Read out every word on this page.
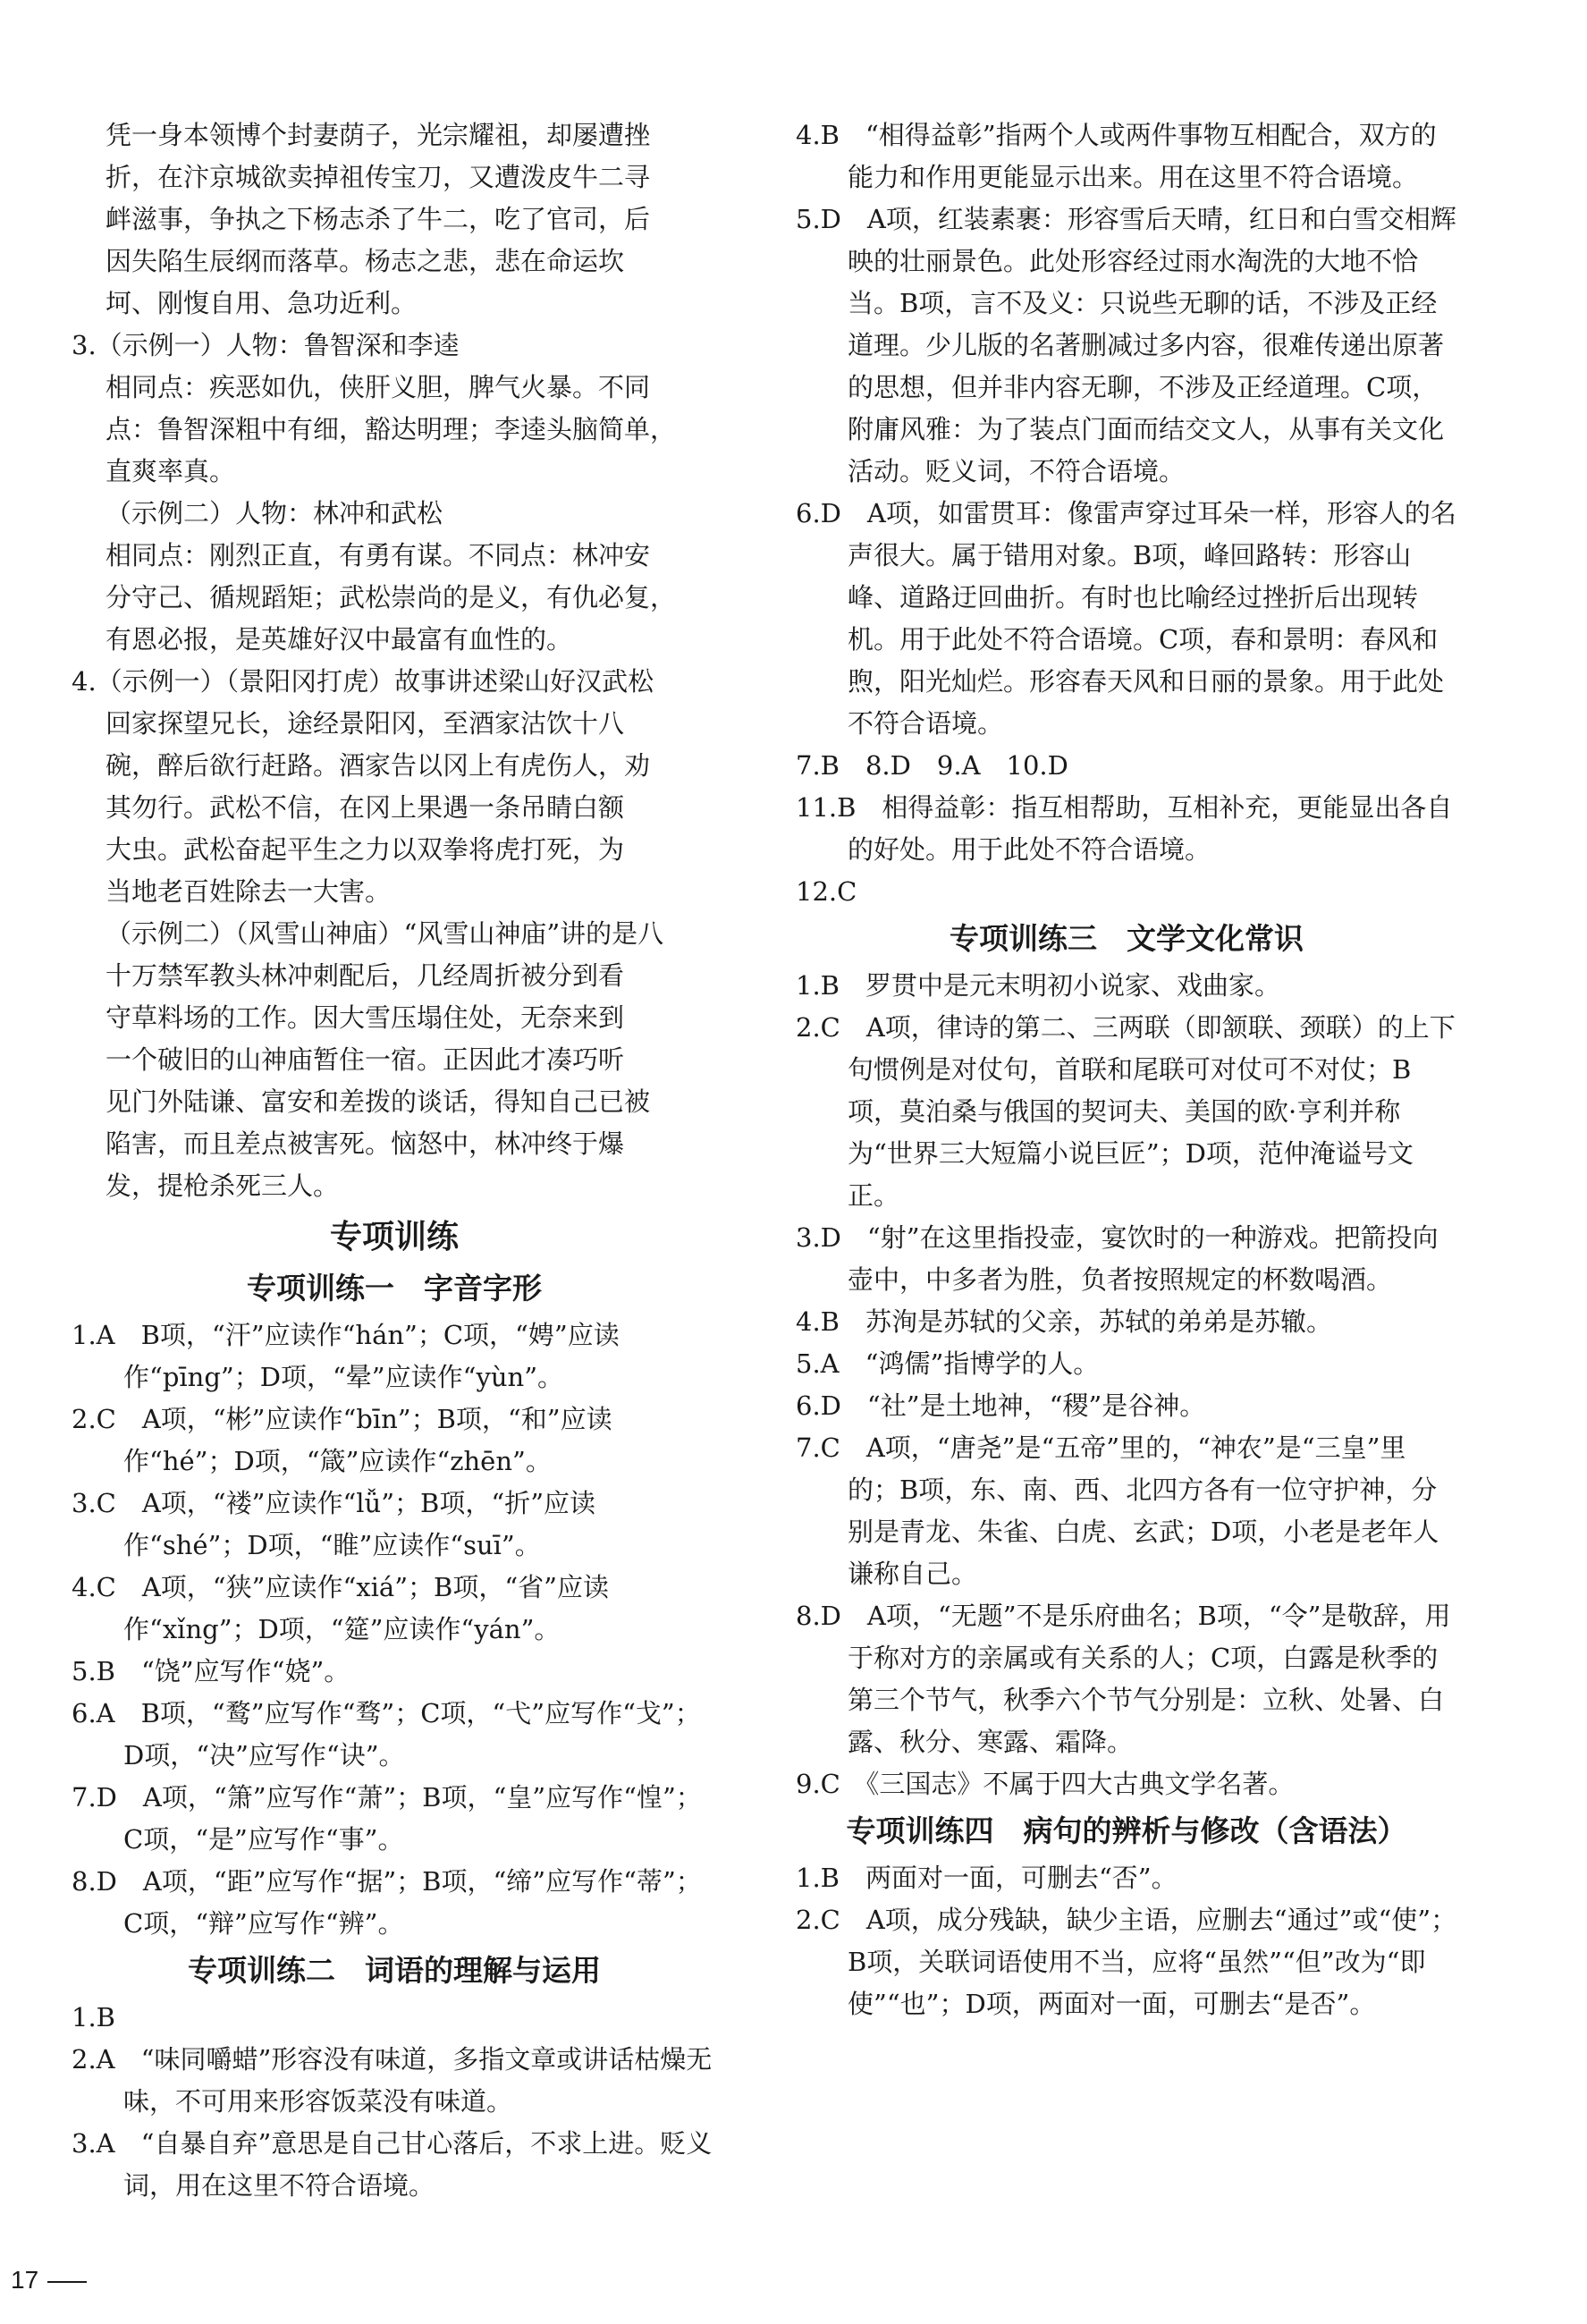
凭一身本领博个封妻荫子，光宗耀祖，却屡遭挫

折，在汴京城欲卖掉祖传宝刀，又遭泼皮牛二寻

衅滋事，争执之下杨志杀了牛二，吃了官司，后

因失陷生辰纲而落草。杨志之悲，悲在命运坎

坷、刚愎自用、急功近利。

3.（示例一）人物：鲁智深和李逵

相同点：疾恶如仇，侠肝义胆，脾气火暴。不同

点：鲁智深粗中有细，豁达明理；李逵头脑简单，

直爽率真。

（示例二）人物：林冲和武松

相同点：刚烈正直，有勇有谋。不同点：林冲安

分守己、循规蹈矩；武松崇尚的是义，有仇必复，

有恩必报，是英雄好汉中最富有血性的。

4.（示例一）（景阳冈打虎）故事讲述梁山好汉武松

回家探望兄长，途经景阳冈，至酒家沽饮十八

碗，醉后欲行赶路。酒家告以冈上有虎伤人，劝

其勿行。武松不信，在冈上果遇一条吊睛白额

大虫。武松奋起平生之力以双拳将虎打死，为

当地老百姓除去一大害。

（示例二）（风雪山神庙）“风雪山神庙”讲的是八

十万禁军教头林冲刺配后，几经周折被分到看

守草料场的工作。因大雪压塌住处，无奈来到

一个破旧的山神庙暂住一宿。正因此才凑巧听

见门外陆谦、富安和差拨的谈话，得知自己已被

陷害，而且差点被害死。恼怒中，林冲终于爆

发，提枪杀死三人。

专项训练
专项训练一　字音字形

1.A　B项，“汗”应读作“hán”；C项，“娉”应读作“pīng”；D项，“晕”应读作“yùn”。

2.C　A项，“彬”应读作“bīn”；B项，“和”应读作“hé”；D项，“箴”应读作“zhēn”。

3.C　A项，“褛”应读作“lǚ”；B项，“折”应读作“shé”；D项，“睢”应读作“suī”。

4.C　A项，“狭”应读作“xiá”；B项，“省”应读作“xǐng”；D项，“筵”应读作“yán”。

5.B　“饶”应写作“娆”。

6.A　B项，“鹜”应写作“骛”；C项，“弋”应写作“戈”；D项，“决”应写作“诀”。

7.D　A项，“箫”应写作“萧”；B项，“皇”应写作“惶”；C项，“是”应写作“事”。

8.D　A项，“距”应写作“据”；B项，“缔”应写作“蒂”；C项，“辩”应写作“辨”。

专项训练二　词语的理解与运用

1.B

2.A　“味同嚼蜡”形容没有味道，多指文章或讲话枯燥无味，不可用来形容饭菜没有味道。

3.A　“自暴自弃”意思是自己甘心落后，不求上进。贬义词，用在这里不符合语境。

4.B　“相得益彰”指两个人或两件事物互相配合，双方的能力和作用更能显示出来。用在这里不符合语境。

5.D　A项，红装素裹：形容雪后天晴，红日和白雪交相辉映的壮丽景色。此处形容经过雨水淘洗的大地不恰当。B项，言不及义：只说些无聊的话，不涉及正经道理。少儿版的名著删减过多内容，很难传递出原著的思想，但并非内容无聊，不涉及正经道理。C项，附庸风雅：为了装点门面而结交文人，从事有关文化活动。贬义词，不符合语境。

6.D　A项，如雷贯耳：像雷声穿过耳朵一样，形容人的名声很大。属于错用对象。B项，峰回路转：形容山峰、道路迂回曲折。有时也比喻经过挫折后出现转机。用于此处不符合语境。C项，春和景明：春风和煦，阳光灿烂。形容春天风和日丽的景象。用于此处不符合语境。

7.B　8.D　9.A　10.D

11.B　相得益彰：指互相帮助，互相补充，更能显出各自的好处。用于此处不符合语境。

12.C

专项训练三　文学文化常识

1.B　罗贯中是元末明初小说家、戏曲家。

2.C　A项，律诗的第二、三两联（即颔联、颈联）的上下句惯例是对仗句，首联和尾联可对仗可不对仗；B项，莫泊桑与俄国的契诃夫、美国的欧·亨利并称为“世界三大短篇小说巨匠”；D项，范仲淹谥号文正。

3.D　“射”在这里指投壶，宴饮时的一种游戏。把箭投向壶中，中多者为胜，负者按照规定的杯数喝酒。

4.B　苏洵是苏轼的父亲，苏轼的弟弟是苏辙。

5.A　“鸿儒”指博学的人。

6.D　“社”是土地神，“稷”是谷神。

7.C　A项，“唐尧”是“五帝”里的，“神农”是“三皇”里的；B项，东、南、西、北四方各有一位守护神，分别是青龙、朱雀、白虎、玄武；D项，小老是老年人谦称自己。

8.D　A项，“无题”不是乐府曲名；B项，“令”是敬辞，用于称对方的亲属或有关系的人；C项，白露是秋季的第三个节气，秋季六个节气分别是：立秋、处暑、白露、秋分、寒露、霜降。

9.C　《三国志》不属于四大古典文学名著。

专项训练四　病句的辨析与修改（含语法）

1.B　两面对一面，可删去“否”。

2.C　A项，成分残缺，缺少主语，应删去“通过”或“使”；B项，关联词语使用不当，应将“虽然”“但”改为“即使”“也”；D项，两面对一面，可删去“是否”。

17
